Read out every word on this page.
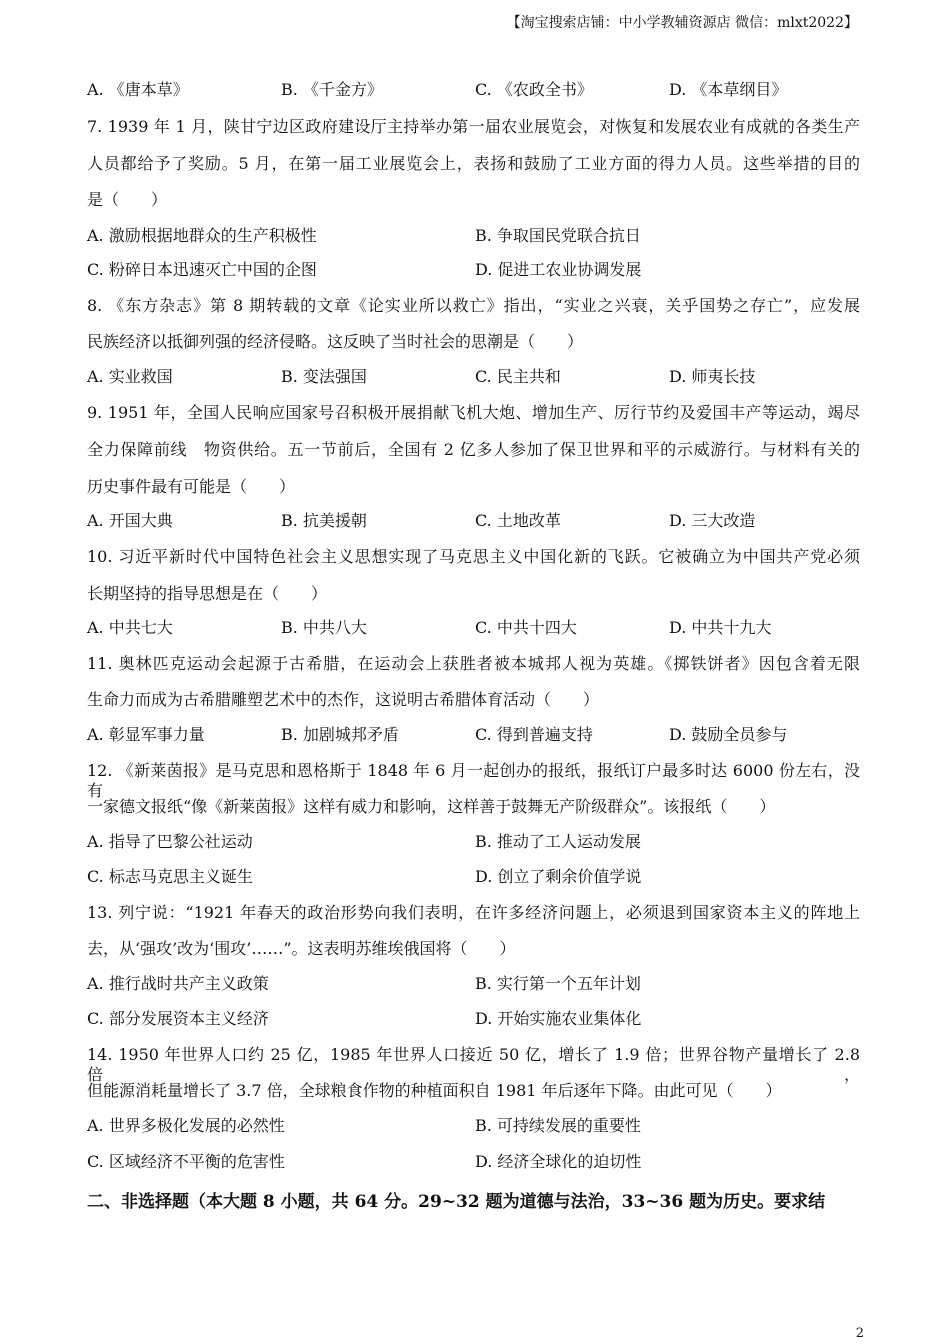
【淘宝搜索店铺：中小学教辅资源店 微信：mlxt2022】
A. 《唐本草》	B. 《千金方》	C. 《农政全书》	D. 《本草纲目》
7. 1939 年 1 月，陕甘宁边区政府建设厅主持举办第一届农业展览会，对恢复和发展农业有成就的各类生产
人员都给予了奖励。5 月，在第一届工业展览会上，表扬和鼓励了工业方面的得力人员。这些举措的目的
是（　　）
A. 激励根据地群众的生产积极性	B. 争取国民党联合抗日
C. 粉碎日本迅速灭亡中国的企图	D. 促进工农业协调发展
8. 《东方杂志》第 8 期转载的文章《论实业所以救亡》指出，“实业之兴衰，关乎国势之存亡”，应发展
民族经济以抵御列强的经济侵略。这反映了当时社会的思潮是（　　）
A. 实业救国	B. 变法强国	C. 民主共和	D. 师夷长技
9. 1951 年，全国人民响应国家号召积极开展捐献飞机大炮、增加生产、厉行节约及爱国丰产等运动，竭尽
全力保障前线　物资供给。五一节前后，全国有 2 亿多人参加了保卫世界和平的示威游行。与材料有关的
历史事件最有可能是（　　）
A. 开国大典	B. 抗美援朝	C. 土地改革	D. 三大改造
10. 习近平新时代中国特色社会主义思想实现了马克思主义中国化新的飞跃。它被确立为中国共产党必须
长期坚持的指导思想是在（　　）
A. 中共七大	B. 中共八大	C. 中共十四大	D. 中共十九大
11. 奥林匹克运动会起源于古希腊，在运动会上获胜者被本城邦人视为英雄。《掷铁饼者》因包含着无限
生命力而成为古希腊雕塑艺术中的杰作，这说明古希腊体育活动（　　）
A. 彰显军事力量	B. 加剧城邦矛盾	C. 得到普遍支持	D. 鼓励全员参与
12. 《新莱茵报》是马克思和恩格斯于 1848 年 6 月一起创办的报纸，报纸订户最多时达 6000 份左右，没有
一家德文报纸“像《新莱茵报》这样有威力和影响，这样善于鼓舞无产阶级群众”。该报纸（　　）
A. 指导了巴黎公社运动	B. 推动了工人运动发展
C. 标志马克思主义诞生	D. 创立了剩余价值学说
13. 列宁说：“1921 年春天的政治形势向我们表明，在许多经济问题上，必须退到国家资本主义的阵地上
去，从‘强攻’改为‘围攻’……”。这表明苏维埃俄国将（　　）
A. 推行战时共产主义政策	B. 实行第一个五年计划
C. 部分发展资本主义经济	D. 开始实施农业集体化
14. 1950 年世界人口约 25 亿，1985 年世界人口接近 50 亿，增长了 1.9 倍；世界谷物产量增长了 2.8 倍，
但能源消耗量增长了 3.7 倍，全球粮食作物的种植面积自 1981 年后逐年下降。由此可见（　　）
A. 世界多极化发展的必然性	B. 可持续发展的重要性
C. 区域经济不平衡的危害性	D. 经济全球化的迫切性
二、非选择题（本大题 8 小题，共 64 分。29~32 题为道德与法治，33~36 题为历史。要求结
2
